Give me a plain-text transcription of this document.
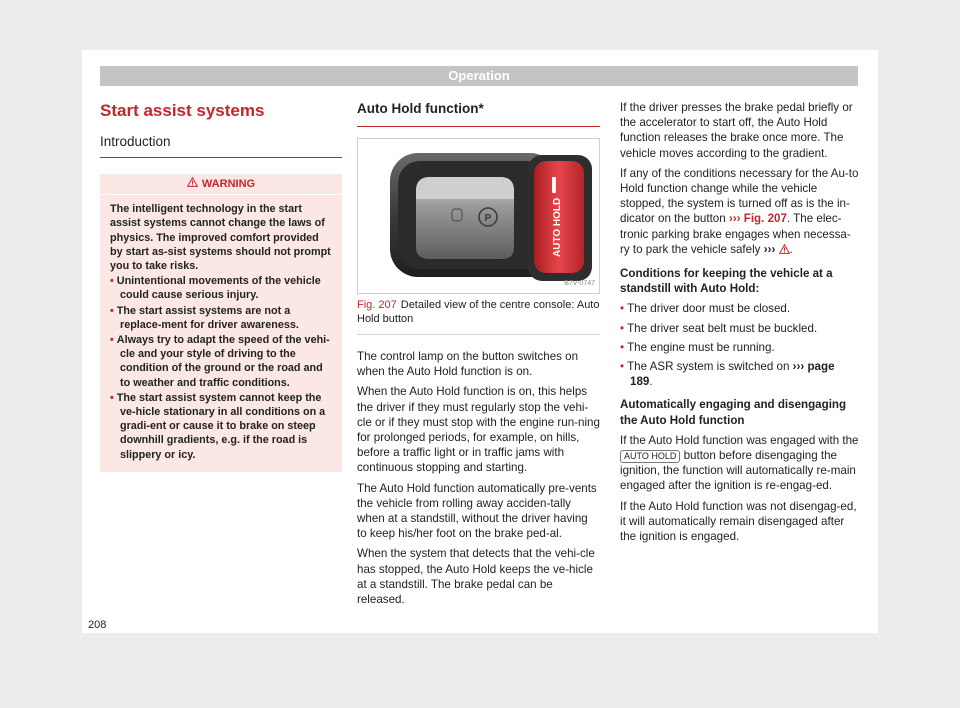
Operation
Start assist systems
Introduction
WARNING

The intelligent technology in the start assist systems cannot change the laws of physics. The improved comfort provided by start as-sist systems should not prompt you to take risks.

• Unintentional movements of the vehicle could cause serious injury.
• The start assist systems are not a replace-ment for driver awareness.
• Always try to adapt the speed of the vehi-cle and your style of driving to the condition of the ground or the road and to weather and traffic conditions.
• The start assist system cannot keep the ve-hicle stationary in all conditions on a gradi-ent or cause it to brake on steep downhill gradients, e.g. if the road is slippery or icy.
Auto Hold function*
P	AUTO HOLD
B7V-0747
Fig. 207 Detailed view of the centre console: Auto Hold button

The control lamp on the button switches on when the Auto Hold function is on.

When the Auto Hold function is on, this helps the driver if they must regularly stop the vehi-cle or if they must stop with the engine run-ning for prolonged periods, for example, on hills, before a traffic light or in traffic jams with continuous stopping and starting.

The Auto Hold function automatically pre-vents the vehicle from rolling away acciden-tally when at a standstill, without the driver having to keep his/her foot on the brake ped-al.

When the system that detects that the vehi-cle has stopped, the Auto Hold keeps the ve-hicle at a standstill. The brake pedal can be released.

If the driver presses the brake pedal briefly or the accelerator to start off, the Auto Hold function releases the brake once more. The vehicle moves according to the gradient.

If any of the conditions necessary for the Au-to Hold function change while the vehicle stopped, the system is turned off as is the in-dicator on the button ››› Fig. 207. The elec-tronic parking brake engages when necessa-ry to park the vehicle safely ››› .

Conditions for keeping the vehicle at a standstill with Auto Hold:

• The driver door must be closed.
• The driver seat belt must be buckled.
• The engine must be running.
• The ASR system is switched on ››› page 189.

Automatically engaging and disengaging the Auto Hold function

If the Auto Hold function was engaged with the AUTO HOLD button before disengaging the ignition, the function will automatically re-main engaged after the ignition is re-engag-ed.

If the Auto Hold function was not disengag-ed, it will automatically remain disengaged after the ignition is engaged.

208
